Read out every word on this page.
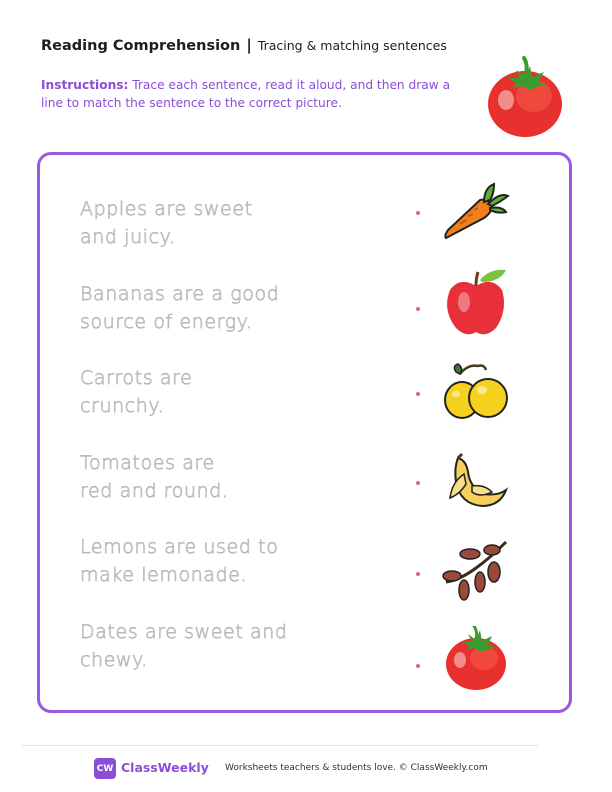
Reading Comprehension | Tracing & matching sentences
Instructions: Trace each sentence, read it aloud, and then draw a line to match the sentence to the correct picture.
Apples are sweet
and juicy.
Bananas are a good
source of energy.
Carrots are
crunchy.
Tomatoes are
red and round.
Lemons are used to
make lemonade.
Dates are sweet and
chewy.
CW ClassWeekly Worksheets teachers & students love. © ClassWeekly.com
